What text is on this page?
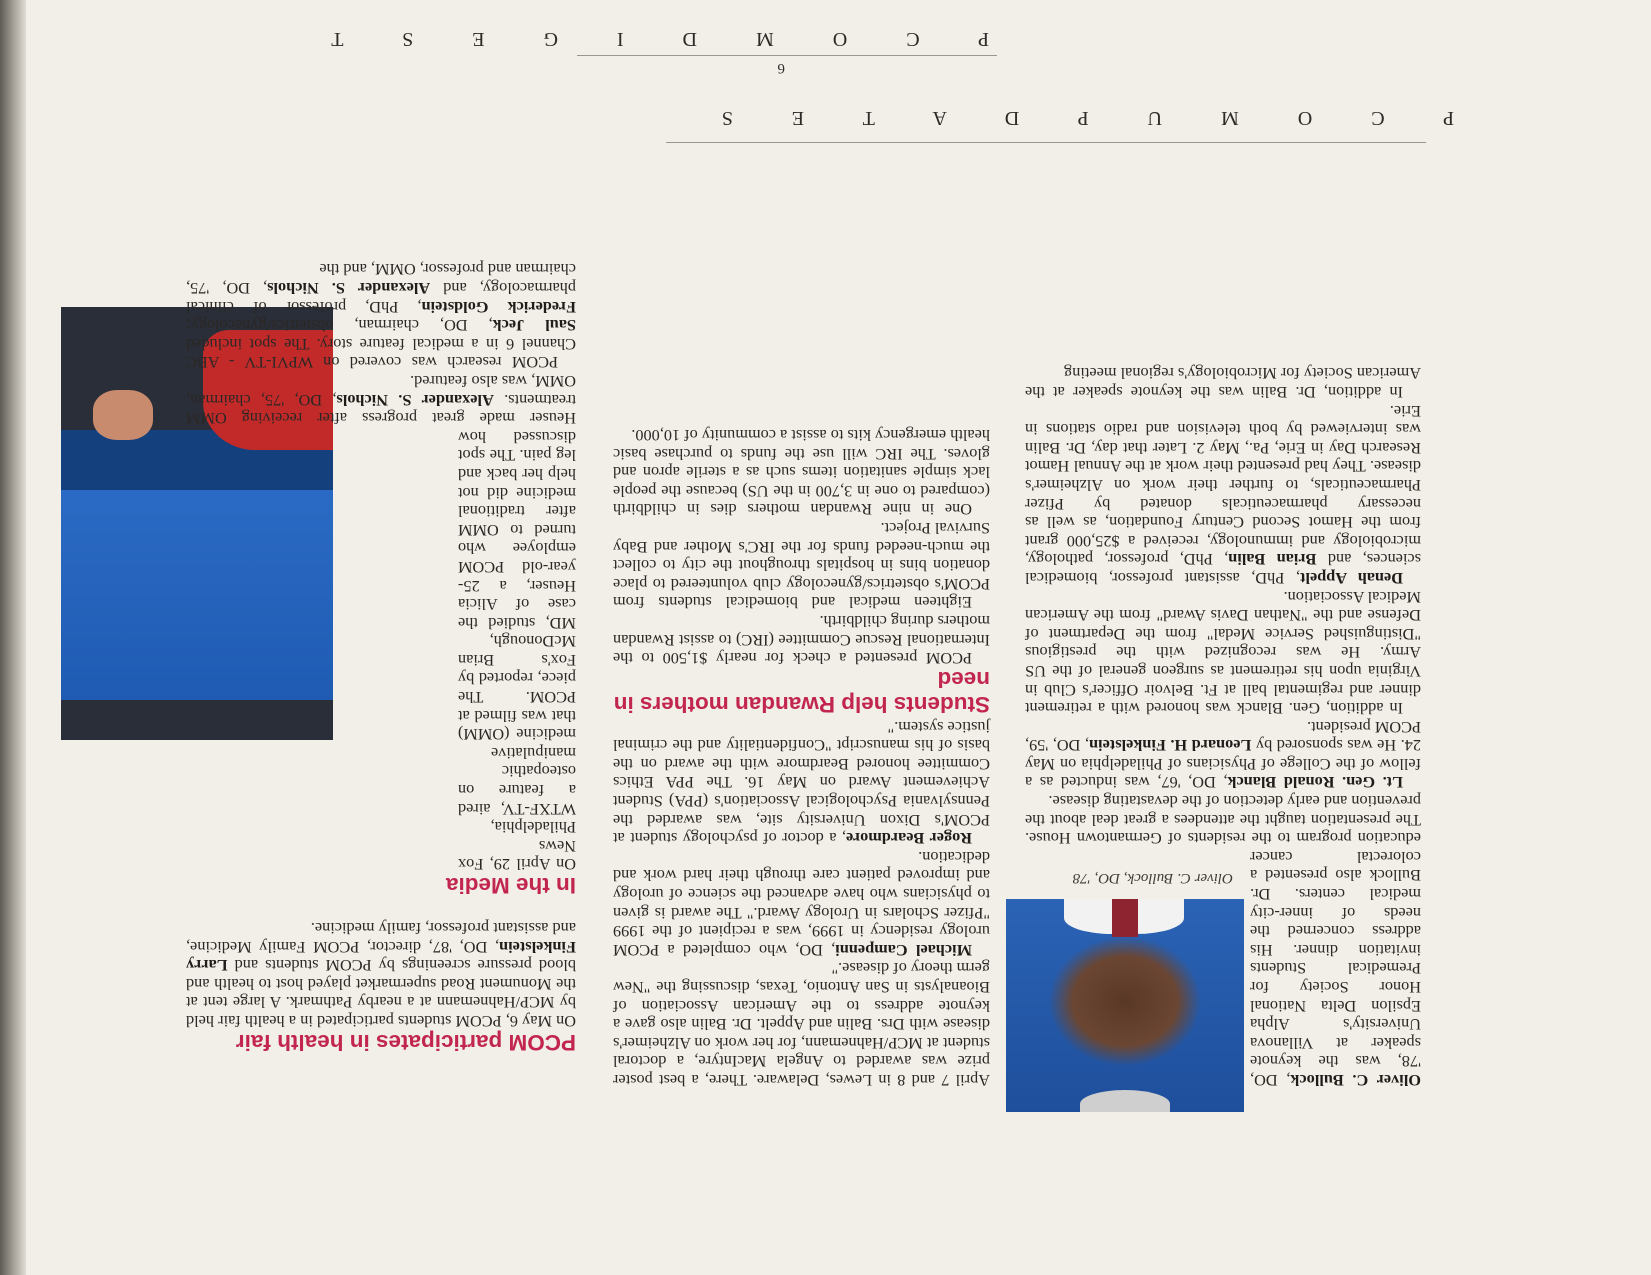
P C O M U P D A T E S
P C O M D I G E S T
6
Oliver C. Bullock, DO, '78

Oliver C. Bullock, DO, '78, was the keynote speaker at Villanova University's Alpha Epsilon Delta National Honor Society for Premedical Students invitation dinner. His address concerned the needs of inner-city medical centers. Dr. Bullock also presented a colorectal cancer education program to the residents of Germantown House. The presentation taught the attendees a great deal about the prevention and early detection of the devastating disease.

Lt. Gen. Ronald Blanck, DO, '67, was inducted as a fellow of the College of Physicians of Philadelphia on May 24. He was sponsored by Leonard H. Finkelstein, DO, '59, PCOM president.

In addition, Gen. Blanck was honored with a retirement dinner and regimental ball at Ft. Belvoir Officer's Club in Virginia upon his retirement as surgeon general of the US Army. He was recognized with the prestigious "Distinguished Service Medal" from the Department of Defense and the "Nathan Davis Award" from the American Medical Association.

Denah Appelt, PhD, assistant professor, biomedical sciences, and Brian Balin, PhD, professor, pathology, microbiology and immunology, received a $25,000 grant from the Hamot Second Century Foundation, as well as necessary pharmaceuticals donated by Pfizer Pharmaceuticals, to further their work on Alzheimer's disease. They had presented their work at the Annual Hamot Research Day in Erie, Pa., May 2. Later that day, Dr. Balin was interviewed by both television and radio stations in Erie.

In addition, Dr. Balin was the keynote speaker at the American Society for Microbiology's regional meeting

April 7 and 8 in Lewes, Delaware. There, a best poster prize was awarded to Angela MacIntyre, a doctoral student at MCP/Hahnemann, for her work on Alzheimer's disease with Drs. Balin and Appelt. Dr. Balin also gave a keynote address to the American Association of Bioanalysts in San Antonio, Texas, discussing the "New germ theory of disease."

Michael Campenni, DO, who completed a PCOM urology residency in 1999, was a recipient of the 1999 "Pfizer Scholars in Urology Award." The award is given to physicians who have advanced the science of urology and improved patient care through their hard work and dedication.

Roger Beardmore, a doctor of psychology student at PCOM's Dixon University site, was awarded the Pennsylvania Psychological Association's (PPA) Student Achievement Award on May 16. The PPA Ethics Committee honored Beardmore with the award on the basis of his manuscript "Confidentiality and the criminal justice system."

Students help Rwandan mothers in need

PCOM presented a check for nearly $1,500 to the International Rescue Committee (IRC) to assist Rwandan mothers during childbirth.

Eighteen medical and biomedical students from PCOM's obstetrics/gynecology club volunteered to place donation bins in hospitals throughout the city to collect the much-needed funds for the IRC's Mother and Baby Survival Project.

One in nine Rwandan mothers dies in childbirth (compared to one in 3,700 in the US) because the people lack simple sanitation items such as a sterile apron and gloves. The IRC will use the funds to purchase basic health emergency kits to assist a community of 10,000.

PCOM participates in health fair

On May 6, PCOM students participated in a health fair held by MCP/Hahnemann at a nearby Pathmark. A large tent at the Monument Road supermarket played host to health and blood pressure screenings by PCOM students and Larry Finkelstein, DO, '87, director, PCOM Family Medicine, and assistant professor, family medicine.

In the Media

On April 29, Fox News Philadelphia, WTXF-TV, aired a feature on osteopathic manipulative medicine (OMM) that was filmed at PCOM. The piece, reported by Fox's Brian McDonough, MD, studied the case of Alicia Heuser, a 25-year-old PCOM employee who turned to OMM after traditional medicine did not help her back and leg pain. The spot discussed how Heuser made great progress after receiving OMM treatments. Alexander S. Nichols, DO, '75, chairman, OMM, was also featured.

PCOM research was covered on WPVI-TV - ABC Channel 6 in a medical feature story. The spot included Saul Jeck, DO, chairman, obstetrics/gynecology; Frederick Goldstein, PhD, professor of clinical pharmacology, and Alexander S. Nichols, DO, '75, chairman and professor, OMM, and the
